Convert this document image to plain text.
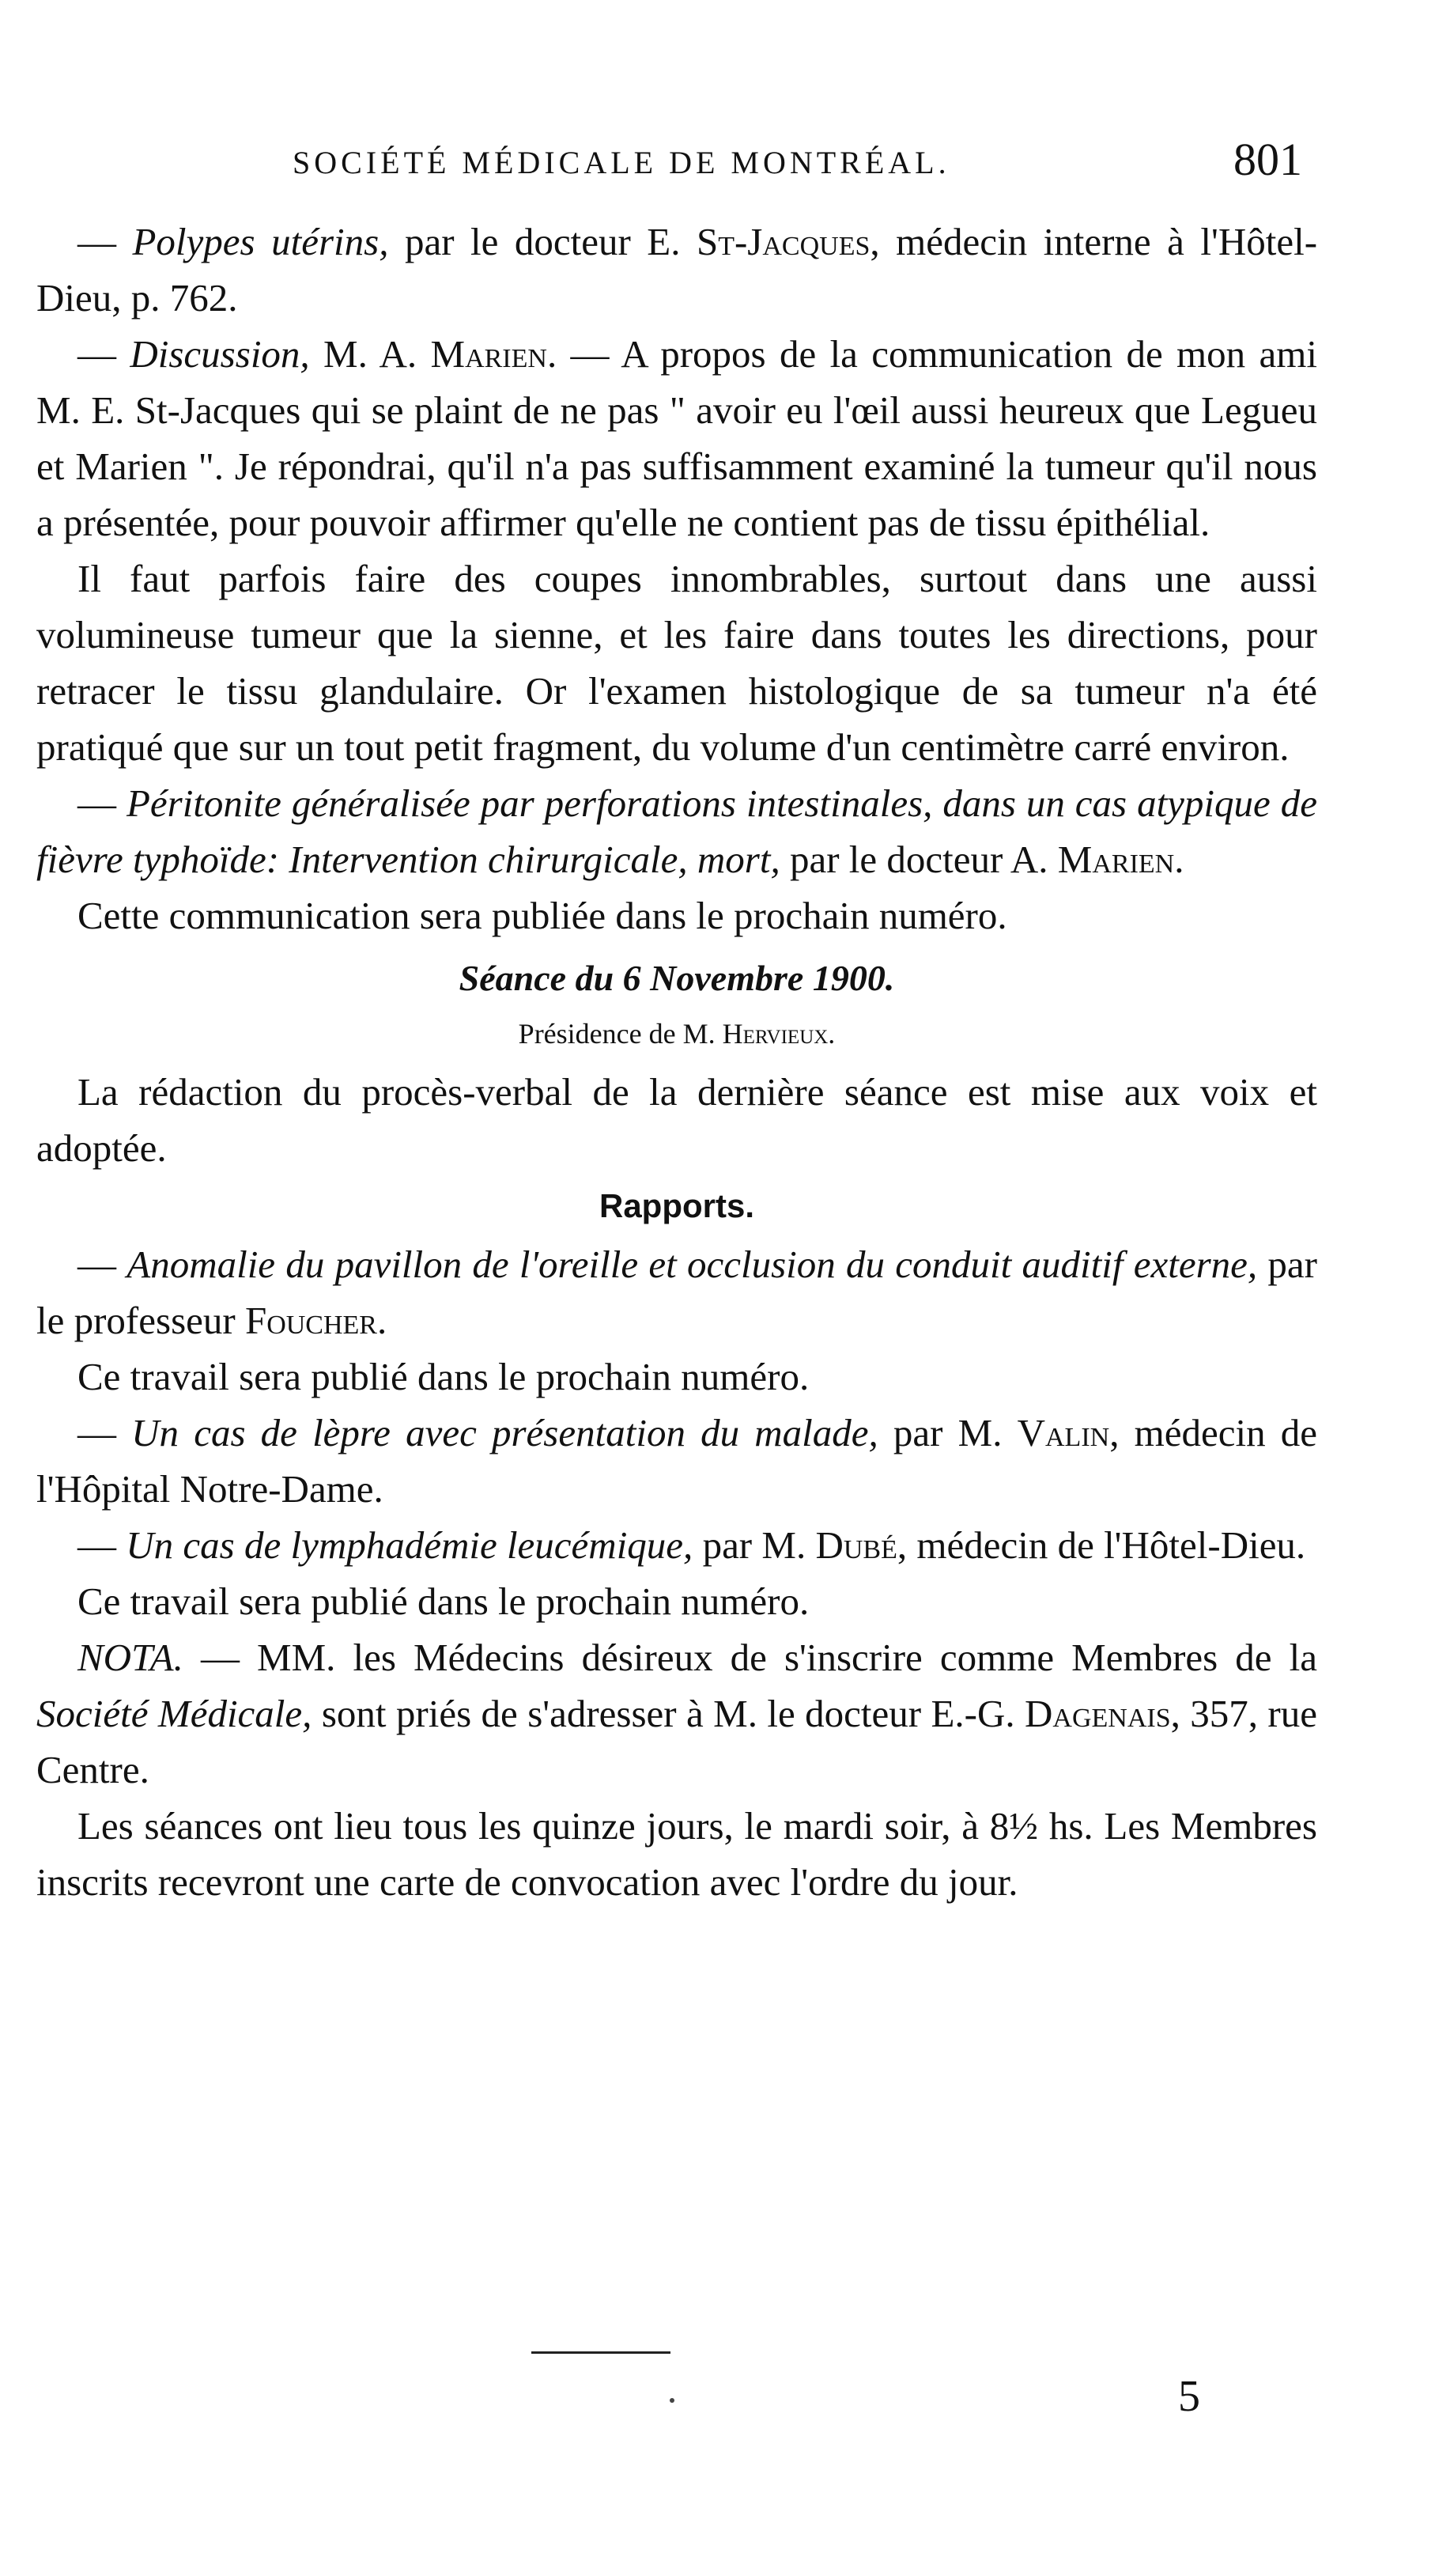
SOCIÉTÉ MÉDICALE DE MONTRÉAL.	801

— Polypes utérins, par le docteur E. St-Jacques, médecin interne à l'Hôtel-Dieu, p. 762.

— Discussion, M. A. Marien. — A propos de la communication de mon ami M. E. St-Jacques qui se plaint de ne pas " avoir eu l'œil aussi heureux que Legueu et Marien ". Je répondrai, qu'il n'a pas suffisamment examiné la tumeur qu'il nous a présentée, pour pouvoir affirmer qu'elle ne contient pas de tissu épithélial.

Il faut parfois faire des coupes innombrables, surtout dans une aussi volumineuse tumeur que la sienne, et les faire dans toutes les directions, pour retracer le tissu glandulaire. Or l'examen histologique de sa tumeur n'a été pratiqué que sur un tout petit fragment, du volume d'un centimètre carré environ.

— Péritonite généralisée par perforations intestinales, dans un cas atypique de fièvre typhoïde: Intervention chirurgicale, mort, par le docteur A. Marien.

Cette communication sera publiée dans le prochain numéro.

Séance du 6 Novembre 1900.

Présidence de M. Hervieux.

La rédaction du procès-verbal de la dernière séance est mise aux voix et adoptée.

Rapports.

— Anomalie du pavillon de l'oreille et occlusion du conduit auditif externe, par le professeur Foucher.

Ce travail sera publié dans le prochain numéro.

— Un cas de lèpre avec présentation du malade, par M. Valin, médecin de l'Hôpital Notre-Dame.

— Un cas de lymphadémie leucémique, par M. Dubé, médecin de l'Hôtel-Dieu.

Ce travail sera publié dans le prochain numéro.

NOTA. — MM. les Médecins désireux de s'inscrire comme Membres de la Société Médicale, sont priés de s'adresser à M. le docteur E.-G. Dagenais, 357, rue Centre.

Les séances ont lieu tous les quinze jours, le mardi soir, à 8½ hs. Les Membres inscrits recevront une carte de convocation avec l'ordre du jour.

5
